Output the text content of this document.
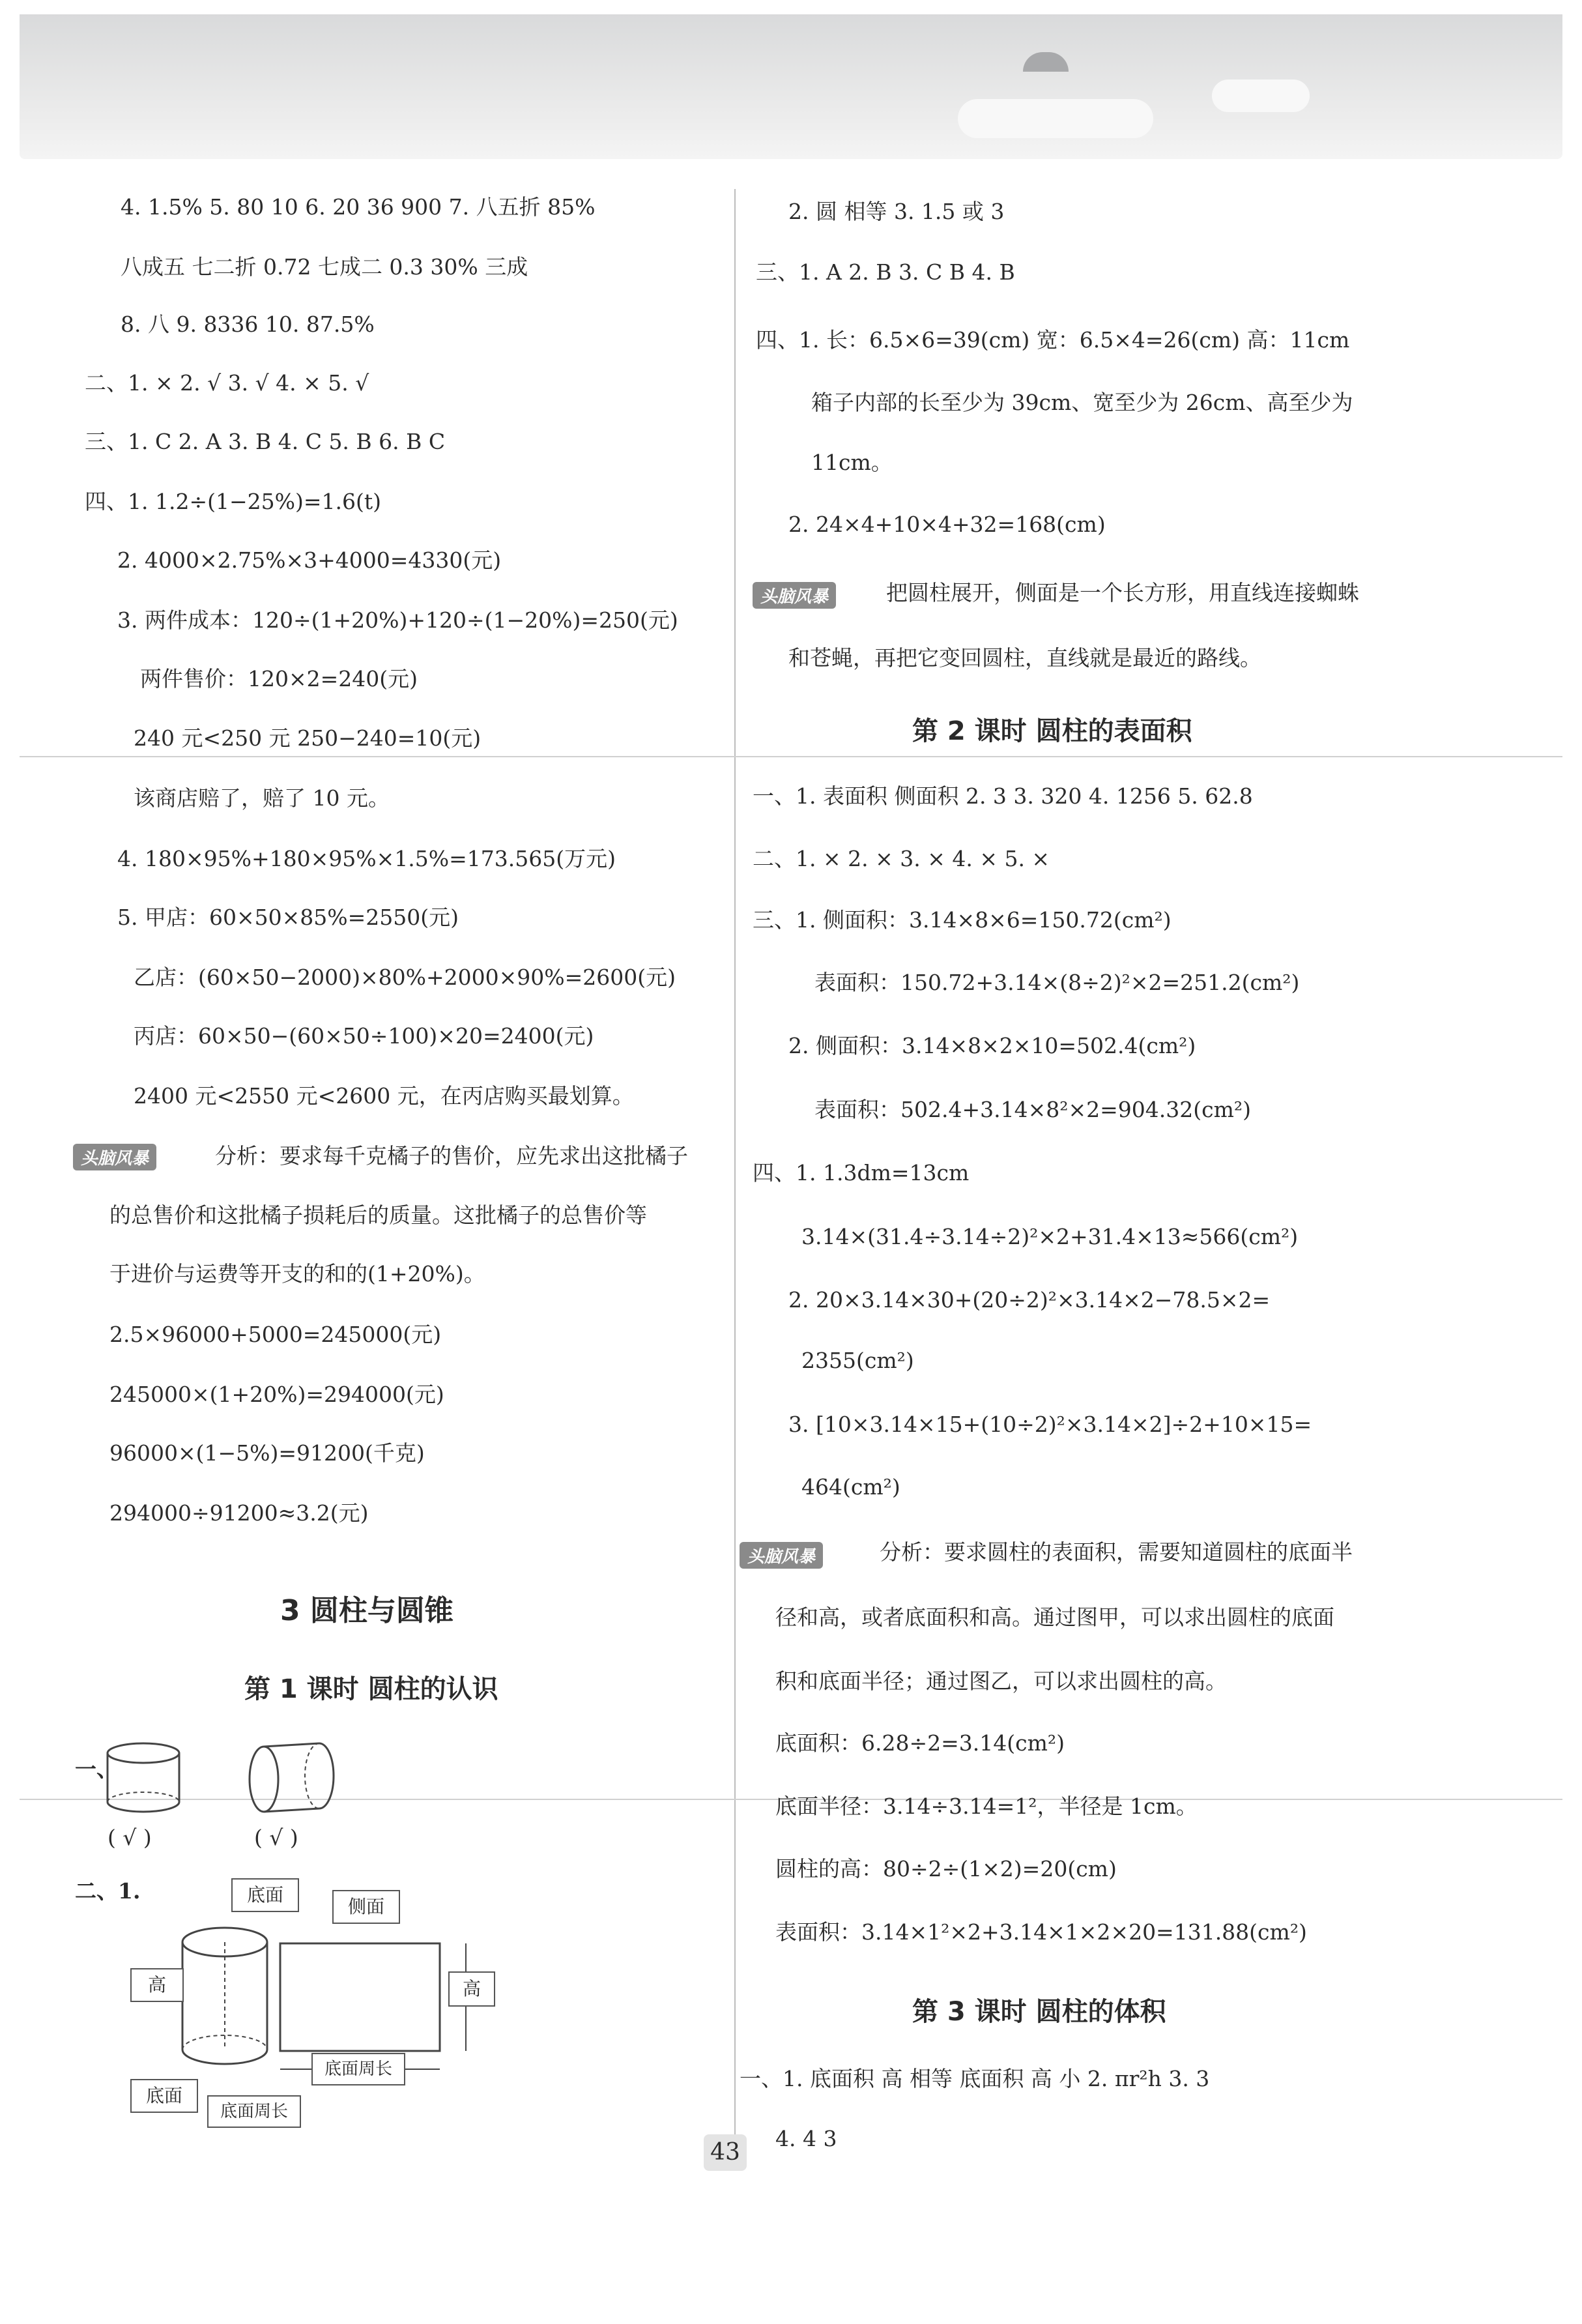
4. 1.5% 5. 80 10 6. 20 36 900 7. 八五折 85%
八成五 七二折 0.72 七成二 0.3 30% 三成
8. 八 9. 8336 10. 87.5%
二、1. × 2. √ 3. √ 4. × 5. √
三、1. C 2. A 3. B 4. C 5. B 6. B C
四、1. 1.2÷(1−25%)=1.6(t)
2. 4000×2.75%×3+4000=4330(元)
3. 两件成本：120÷(1+20%)+120÷(1−20%)=250(元)
两件售价：120×2=240(元)
240 元<250 元 250−240=10(元)
该商店赔了，赔了 10 元。
4. 180×95%+180×95%×1.5%=173.565(万元)
5. 甲店：60×50×85%=2550(元)
乙店：(60×50−2000)×80%+2000×90%=2600(元)
丙店：60×50−(60×50÷100)×20=2400(元)
2400 元<2550 元<2600 元，在丙店购买最划算。
头脑风暴	分析：要求每千克橘子的售价，应先求出这批橘子
的总售价和这批橘子损耗后的质量。这批橘子的总售价等
于进价与运费等开支的和的(1+20%)。
2.5×96000+5000=245000(元)
245000×(1+20%)=294000(元)
96000×(1−5%)=91200(千克)
294000÷91200≈3.2(元)
3 圆柱与圆锥
第 1 课时 圆柱的认识
一、
( √ )	( √ )
二、1.	底面
侧面
高	高
底面
底面周长
底面周长
2. 圆 相等 3. 1.5 或 3
三、1. A 2. B 3. C B 4. B
四、1. 长：6.5×6=39(cm) 宽：6.5×4=26(cm) 高：11cm
箱子内部的长至少为 39cm、宽至少为 26cm、高至少为
11cm。
2. 24×4+10×4+32=168(cm)
头脑风暴	把圆柱展开，侧面是一个长方形，用直线连接蜘蛛
和苍蝇，再把它变回圆柱，直线就是最近的路线。
第 2 课时 圆柱的表面积
一、1. 表面积 侧面积 2. 3 3. 320 4. 1256 5. 62.8
二、1. × 2. × 3. × 4. × 5. ×
三、1. 侧面积：3.14×8×6=150.72(cm²)
表面积：150.72+3.14×(8÷2)²×2=251.2(cm²)
2. 侧面积：3.14×8×2×10=502.4(cm²)
表面积：502.4+3.14×8²×2=904.32(cm²)
四、1. 1.3dm=13cm
3.14×(31.4÷3.14÷2)²×2+31.4×13≈566(cm²)
2. 20×3.14×30+(20÷2)²×3.14×2−78.5×2=
2355(cm²)
3. [10×3.14×15+(10÷2)²×3.14×2]÷2+10×15=
464(cm²)
头脑风暴	分析：要求圆柱的表面积，需要知道圆柱的底面半
径和高，或者底面积和高。通过图甲，可以求出圆柱的底面
积和底面半径；通过图乙，可以求出圆柱的高。
底面积：6.28÷2=3.14(cm²)
底面半径：3.14÷3.14=1²，半径是 1cm。
圆柱的高：80÷2÷(1×2)=20(cm)
表面积：3.14×1²×2+3.14×1×2×20=131.88(cm²)
第 3 课时 圆柱的体积
一、1. 底面积 高 相等 底面积 高 小 2. πr²h 3. 3
4. 4 3
43
